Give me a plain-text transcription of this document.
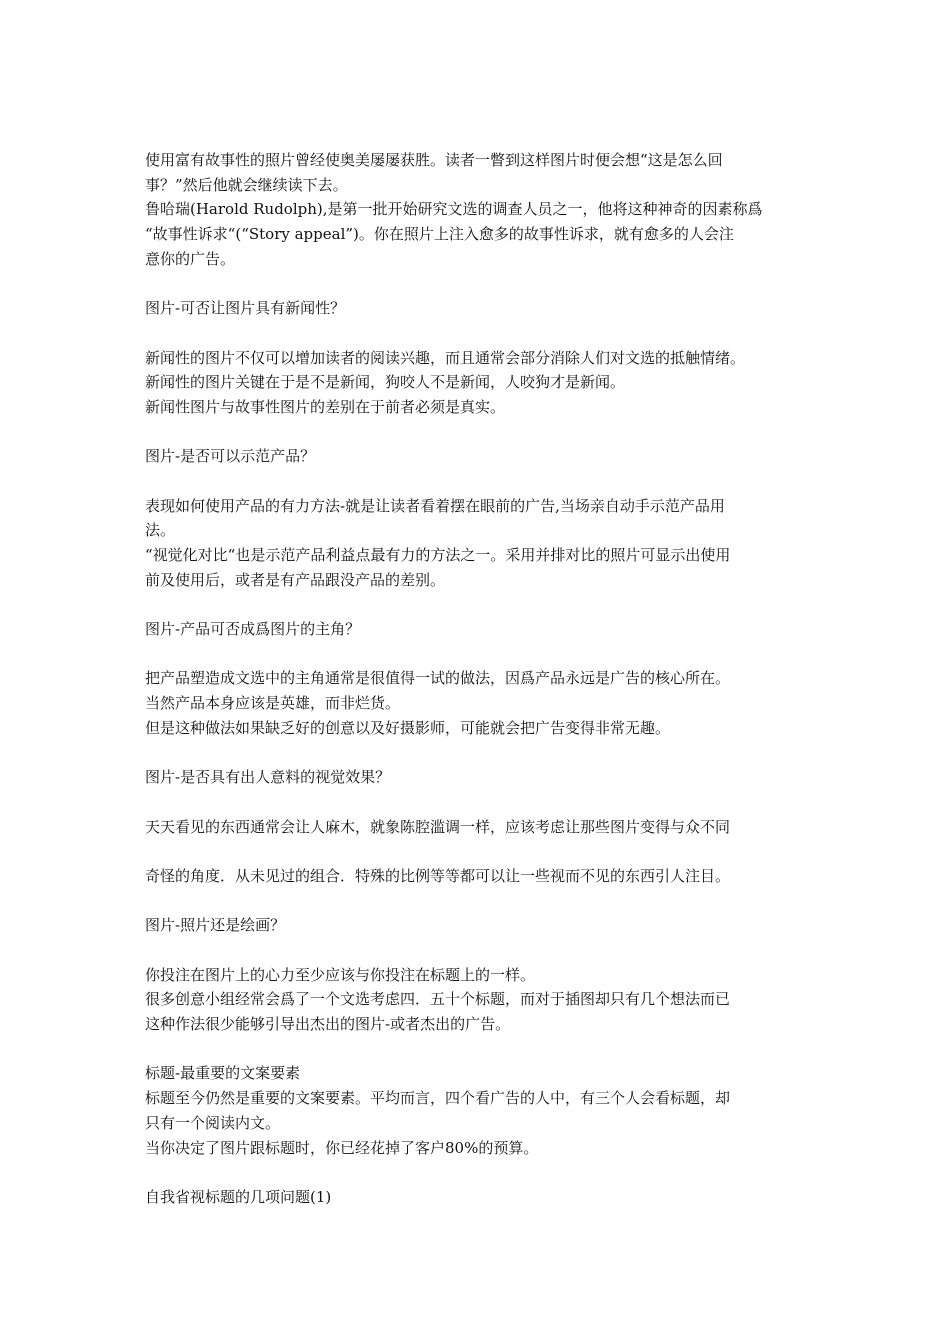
使用富有故事性的照片曾经使奥美屡屡获胜。读者一瞥到这样图片时便会想“这是怎么回
事？”然后他就会继续读下去。
鲁哈瑞(Harold Rudolph),是第一批开始研究文选的调查人员之一，他将这种神奇的因素称爲
“故事性诉求“(“Story appeal”)。你在照片上注入愈多的故事性诉求，就有愈多的人会注
意你的广告。
图片-可否让图片具有新闻性？
新闻性的图片不仅可以增加读者的阅读兴趣，而且通常会部分消除人们对文选的抵触情绪。
新闻性的图片关键在于是不是新闻，狗咬人不是新闻，人咬狗才是新闻。
新闻性图片与故事性图片的差别在于前者必须是真实。
图片-是否可以示范产品？
表现如何使用产品的有力方法-就是让读者看着摆在眼前的广告,当场亲自动手示范产品用
法。
“视觉化对比“也是示范产品利益点最有力的方法之一。采用并排对比的照片可显示出使用
前及使用后，或者是有产品跟没产品的差别。
图片-产品可否成爲图片的主角？
把产品塑造成文选中的主角通常是很值得一试的做法，因爲产品永远是广告的核心所在。
当然产品本身应该是英雄，而非烂货。
但是这种做法如果缺乏好的创意以及好摄影师，可能就会把广告变得非常无趣。
图片-是否具有出人意料的视觉效果？
天天看见的东西通常会让人麻木，就象陈腔滥调一样，应该考虑让那些图片变得与众不同
奇怪的角度．从未见过的组合．特殊的比例等等都可以让一些视而不见的东西引人注目。
图片-照片还是绘画？
你投注在图片上的心力至少应该与你投注在标题上的一样。
很多创意小组经常会爲了一个文选考虑四．五十个标题，而对于插图却只有几个想法而已
这种作法很少能够引导出杰出的图片-或者杰出的广告。
标题-最重要的文案要素
标题至今仍然是重要的文案要素。平均而言，四个看广告的人中，有三个人会看标题，却
只有一个阅读内文。
当你决定了图片跟标题时，你已经花掉了客户80%的预算。
自我省视标题的几项问题(1)
